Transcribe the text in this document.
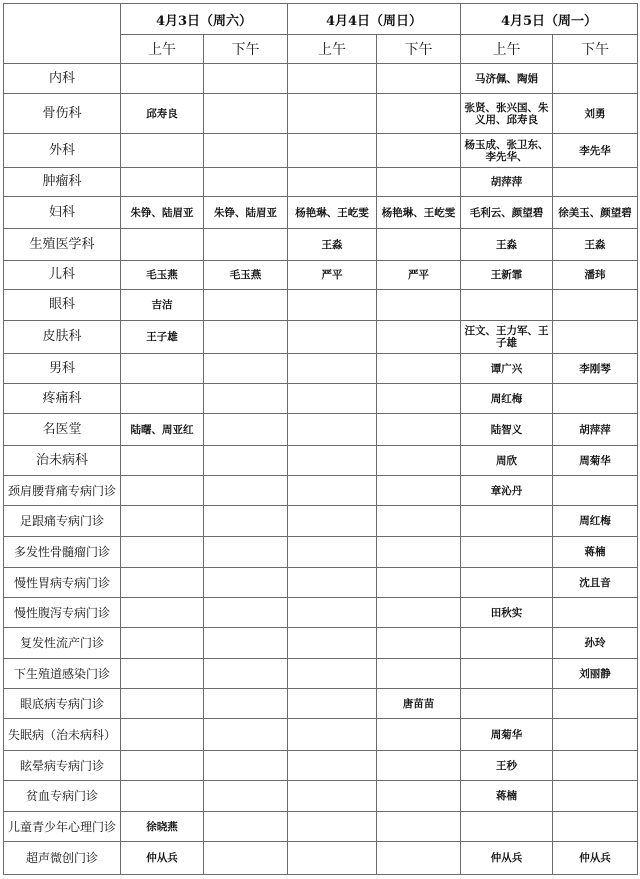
	4月3日（周六）		4月4日（周日）		4月5日（周一）	
	上午	下午	上午	下午	上午	下午
内科					马济佩、陶娟	
骨伤科	邱寿良				张贤、张兴国、朱义用、邱寿良	刘勇
外科					杨玉成、张卫东、李先华、	李先华
肿瘤科					胡萍萍	
妇科	朱铮、陆眉亚	朱铮、陆眉亚	杨艳琳、王屹雯	杨艳琳、王屹雯	毛利云、颜望碧	徐美玉、颜望碧
生殖医学科			王淼		王淼	王淼
儿科	毛玉燕	毛玉燕	严平	严平	王新霏	潘玮
眼科	吉洁					
皮肤科	王子雄				汪文、王力军、王子雄	
男科					谭广兴	李刚琴
疼痛科					周红梅	
名医堂	陆曙、周亚红				陆智义	胡萍萍
治未病科					周欣	周菊华
颈肩腰背痛专病门诊					章沁丹	
足跟痛专病门诊						周红梅
多发性骨髓瘤门诊						蒋楠
慢性胃病专病门诊						沈且音
慢性腹泻专病门诊					田秋实	
复发性流产门诊						孙玲
下生殖道感染门诊						刘丽静
眼底病专病门诊				唐苗苗		
失眠病（治未病科）					周菊华	
眩晕病专病门诊					王秒	
贫血专病门诊					蒋楠	
儿童青少年心理门诊	徐晓燕					
超声微创门诊	仲从兵				仲从兵	仲从兵
